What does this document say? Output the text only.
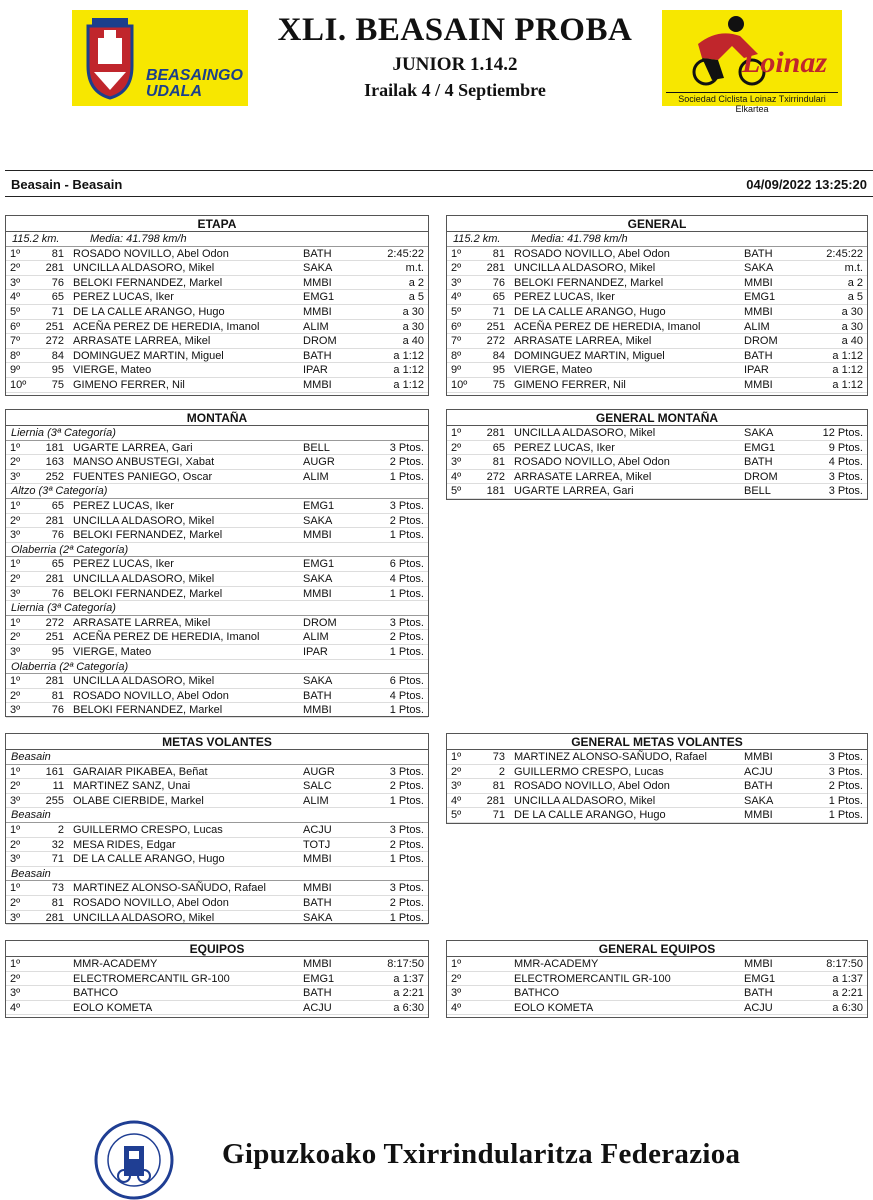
BEASAINGO
UDALA
XLI. BEASAIN PROBA
JUNIOR 1.14.2
Irailak 4 / 4 Septiembre
Loinaz
Sociedad Ciclista Loinaz Txirrindulari Elkartea
Beasain - Beasain	04/09/2022 13:25:20
ETAPA
115.2 km.	Media: 41.798 km/h
1º	81 ROSADO NOVILLO, Abel Odon	BATH	2:45:22
2º	281 UNCILLA ALDASORO, Mikel	SAKA	m.t.
3º	76 BELOKI FERNANDEZ, Markel	MMBI	a 2
4º	65 PEREZ LUCAS, Iker	EMG1	a 5
5º	71 DE LA CALLE ARANGO, Hugo	MMBI	a 30
6º	251 ACEÑA PEREZ DE HEREDIA, Imanol	ALIM	a 30
7º	272 ARRASATE LARREA, Mikel	DROM	a 40
8º	84 DOMINGUEZ MARTIN, Miguel	BATH	a 1:12
9º	95 VIERGE, Mateo	IPAR	a 1:12
10º	75 GIMENO FERRER, Nil	MMBI	a 1:12
GENERAL
115.2 km.	Media: 41.798 km/h
1º	81 ROSADO NOVILLO, Abel Odon	BATH	2:45:22
2º	281 UNCILLA ALDASORO, Mikel	SAKA	m.t.
3º	76 BELOKI FERNANDEZ, Markel	MMBI	a 2
4º	65 PEREZ LUCAS, Iker	EMG1	a 5
5º	71 DE LA CALLE ARANGO, Hugo	MMBI	a 30
6º	251 ACEÑA PEREZ DE HEREDIA, Imanol	ALIM	a 30
7º	272 ARRASATE LARREA, Mikel	DROM	a 40
8º	84 DOMINGUEZ MARTIN, Miguel	BATH	a 1:12
9º	95 VIERGE, Mateo	IPAR	a 1:12
10º	75 GIMENO FERRER, Nil	MMBI	a 1:12
MONTAÑA
Liernia (3ª Categoría)
1º	181 UGARTE LARREA, Gari	BELL	3 Ptos.
2º	163 MANSO ANBUSTEGI, Xabat	AUGR	2 Ptos.
3º	252 FUENTES PANIEGO, Oscar	ALIM	1 Ptos.
Altzo (3ª Categoría)
1º	65 PEREZ LUCAS, Iker	EMG1	3 Ptos.
2º	281 UNCILLA ALDASORO, Mikel	SAKA	2 Ptos.
3º	76 BELOKI FERNANDEZ, Markel	MMBI	1 Ptos.
Olaberria (2ª Categoría)
1º	65 PEREZ LUCAS, Iker	EMG1	6 Ptos.
2º	281 UNCILLA ALDASORO, Mikel	SAKA	4 Ptos.
3º	76 BELOKI FERNANDEZ, Markel	MMBI	1 Ptos.
Liernia (3ª Categoría)
1º	272 ARRASATE LARREA, Mikel	DROM	3 Ptos.
2º	251 ACEÑA PEREZ DE HEREDIA, Imanol	ALIM	2 Ptos.
3º	95 VIERGE, Mateo	IPAR	1 Ptos.
Olaberria (2ª Categoría)
1º	281 UNCILLA ALDASORO, Mikel	SAKA	6 Ptos.
2º	81 ROSADO NOVILLO, Abel Odon	BATH	4 Ptos.
3º	76 BELOKI FERNANDEZ, Markel	MMBI	1 Ptos.
GENERAL MONTAÑA
1º	281 UNCILLA ALDASORO, Mikel	SAKA	12 Ptos.
2º	65 PEREZ LUCAS, Iker	EMG1	9 Ptos.
3º	81 ROSADO NOVILLO, Abel Odon	BATH	4 Ptos.
4º	272 ARRASATE LARREA, Mikel	DROM	3 Ptos.
5º	181 UGARTE LARREA, Gari	BELL	3 Ptos.
METAS VOLANTES
Beasain
1º	161 GARAIAR PIKABEA, Beñat	AUGR	3 Ptos.
2º	11 MARTINEZ SANZ, Unai	SALC	2 Ptos.
3º	255 OLABE CIERBIDE, Markel	ALIM	1 Ptos.
Beasain
1º	2 GUILLERMO CRESPO, Lucas	ACJU	3 Ptos.
2º	32 MESA RIDES, Edgar	TOTJ	2 Ptos.
3º	71 DE LA CALLE ARANGO, Hugo	MMBI	1 Ptos.
Beasain
1º	73 MARTINEZ ALONSO-SAÑUDO, Rafael	MMBI	3 Ptos.
2º	81 ROSADO NOVILLO, Abel Odon	BATH	2 Ptos.
3º	281 UNCILLA ALDASORO, Mikel	SAKA	1 Ptos.
GENERAL METAS VOLANTES
1º	73 MARTINEZ ALONSO-SAÑUDO, Rafael	MMBI	3 Ptos.
2º	2 GUILLERMO CRESPO, Lucas	ACJU	3 Ptos.
3º	81 ROSADO NOVILLO, Abel Odon	BATH	2 Ptos.
4º	281 UNCILLA ALDASORO, Mikel	SAKA	1 Ptos.
5º	71 DE LA CALLE ARANGO, Hugo	MMBI	1 Ptos.
EQUIPOS
1º	MMR-ACADEMY	MMBI	8:17:50
2º	ELECTROMERCANTIL GR-100	EMG1	a 1:37
3º	BATHCO	BATH	a 2:21
4º	EOLO KOMETA	ACJU	a 6:30
GENERAL EQUIPOS
1º	MMR-ACADEMY	MMBI	8:17:50
2º	ELECTROMERCANTIL GR-100	EMG1	a 1:37
3º	BATHCO	BATH	a 2:21
4º	EOLO KOMETA	ACJU	a 6:30
Gipuzkoako Txirrindularitza Federazioa
